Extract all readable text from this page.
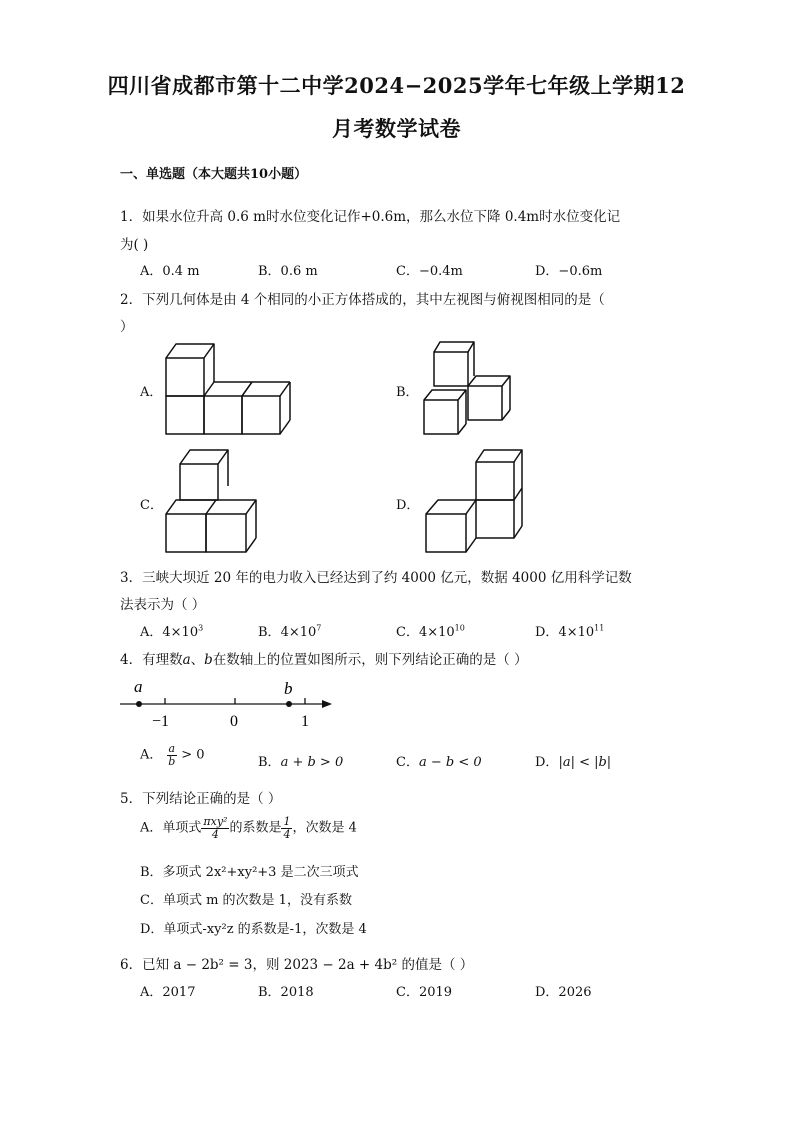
四川省成都市第十二中学2024−2025学年七年级上学期12
月考数学试卷
一、单选题（本大题共10小题）
1．如果水位升高 0.6 m时水位变化记作+0.6m，那么水位下降 0.4m时水位变化记
为( )
A．0.4 m	B．0.6 m	C．−0.4m	D．−0.6m
2．下列几何体是由 4 个相同的小正方体搭成的，其中左视图与俯视图相同的是（
）
A．	B．
C．	D．
3．三峡大坝近 20 年的电力收入已经达到了约 4000 亿元，数据 4000 亿用科学记数
法表示为（ ）
A．$4\times 10^3$	B．$4\times 10^7$	C．$4\times 10^{10}$	D．$4\times 10^{11}$
4．有理数a、b在数轴上的位置如图所示，则下列结论正确的是（ ）
a	b
−1	0	1
A． $\frac{a}{b} > 0$	B．a + b > 0	C．a − b < 0	D．|a| < |b|
5．下列结论正确的是（ ）
A．单项式 $\frac{\text{πxy²}}{4}$ 的系数是 $\frac{1}{4}$ ，次数是 4
B．多项式 2x²+xy²+3 是二次三项式
C．单项式 m 的次数是 1，没有系数
D．单项式-xy²z 的系数是-1，次数是 4
6．已知 a − 2b² = 3，则 2023 − 2a + 4b² 的值是（ ）
A．2017	B．2018	C．2019	D．2026
